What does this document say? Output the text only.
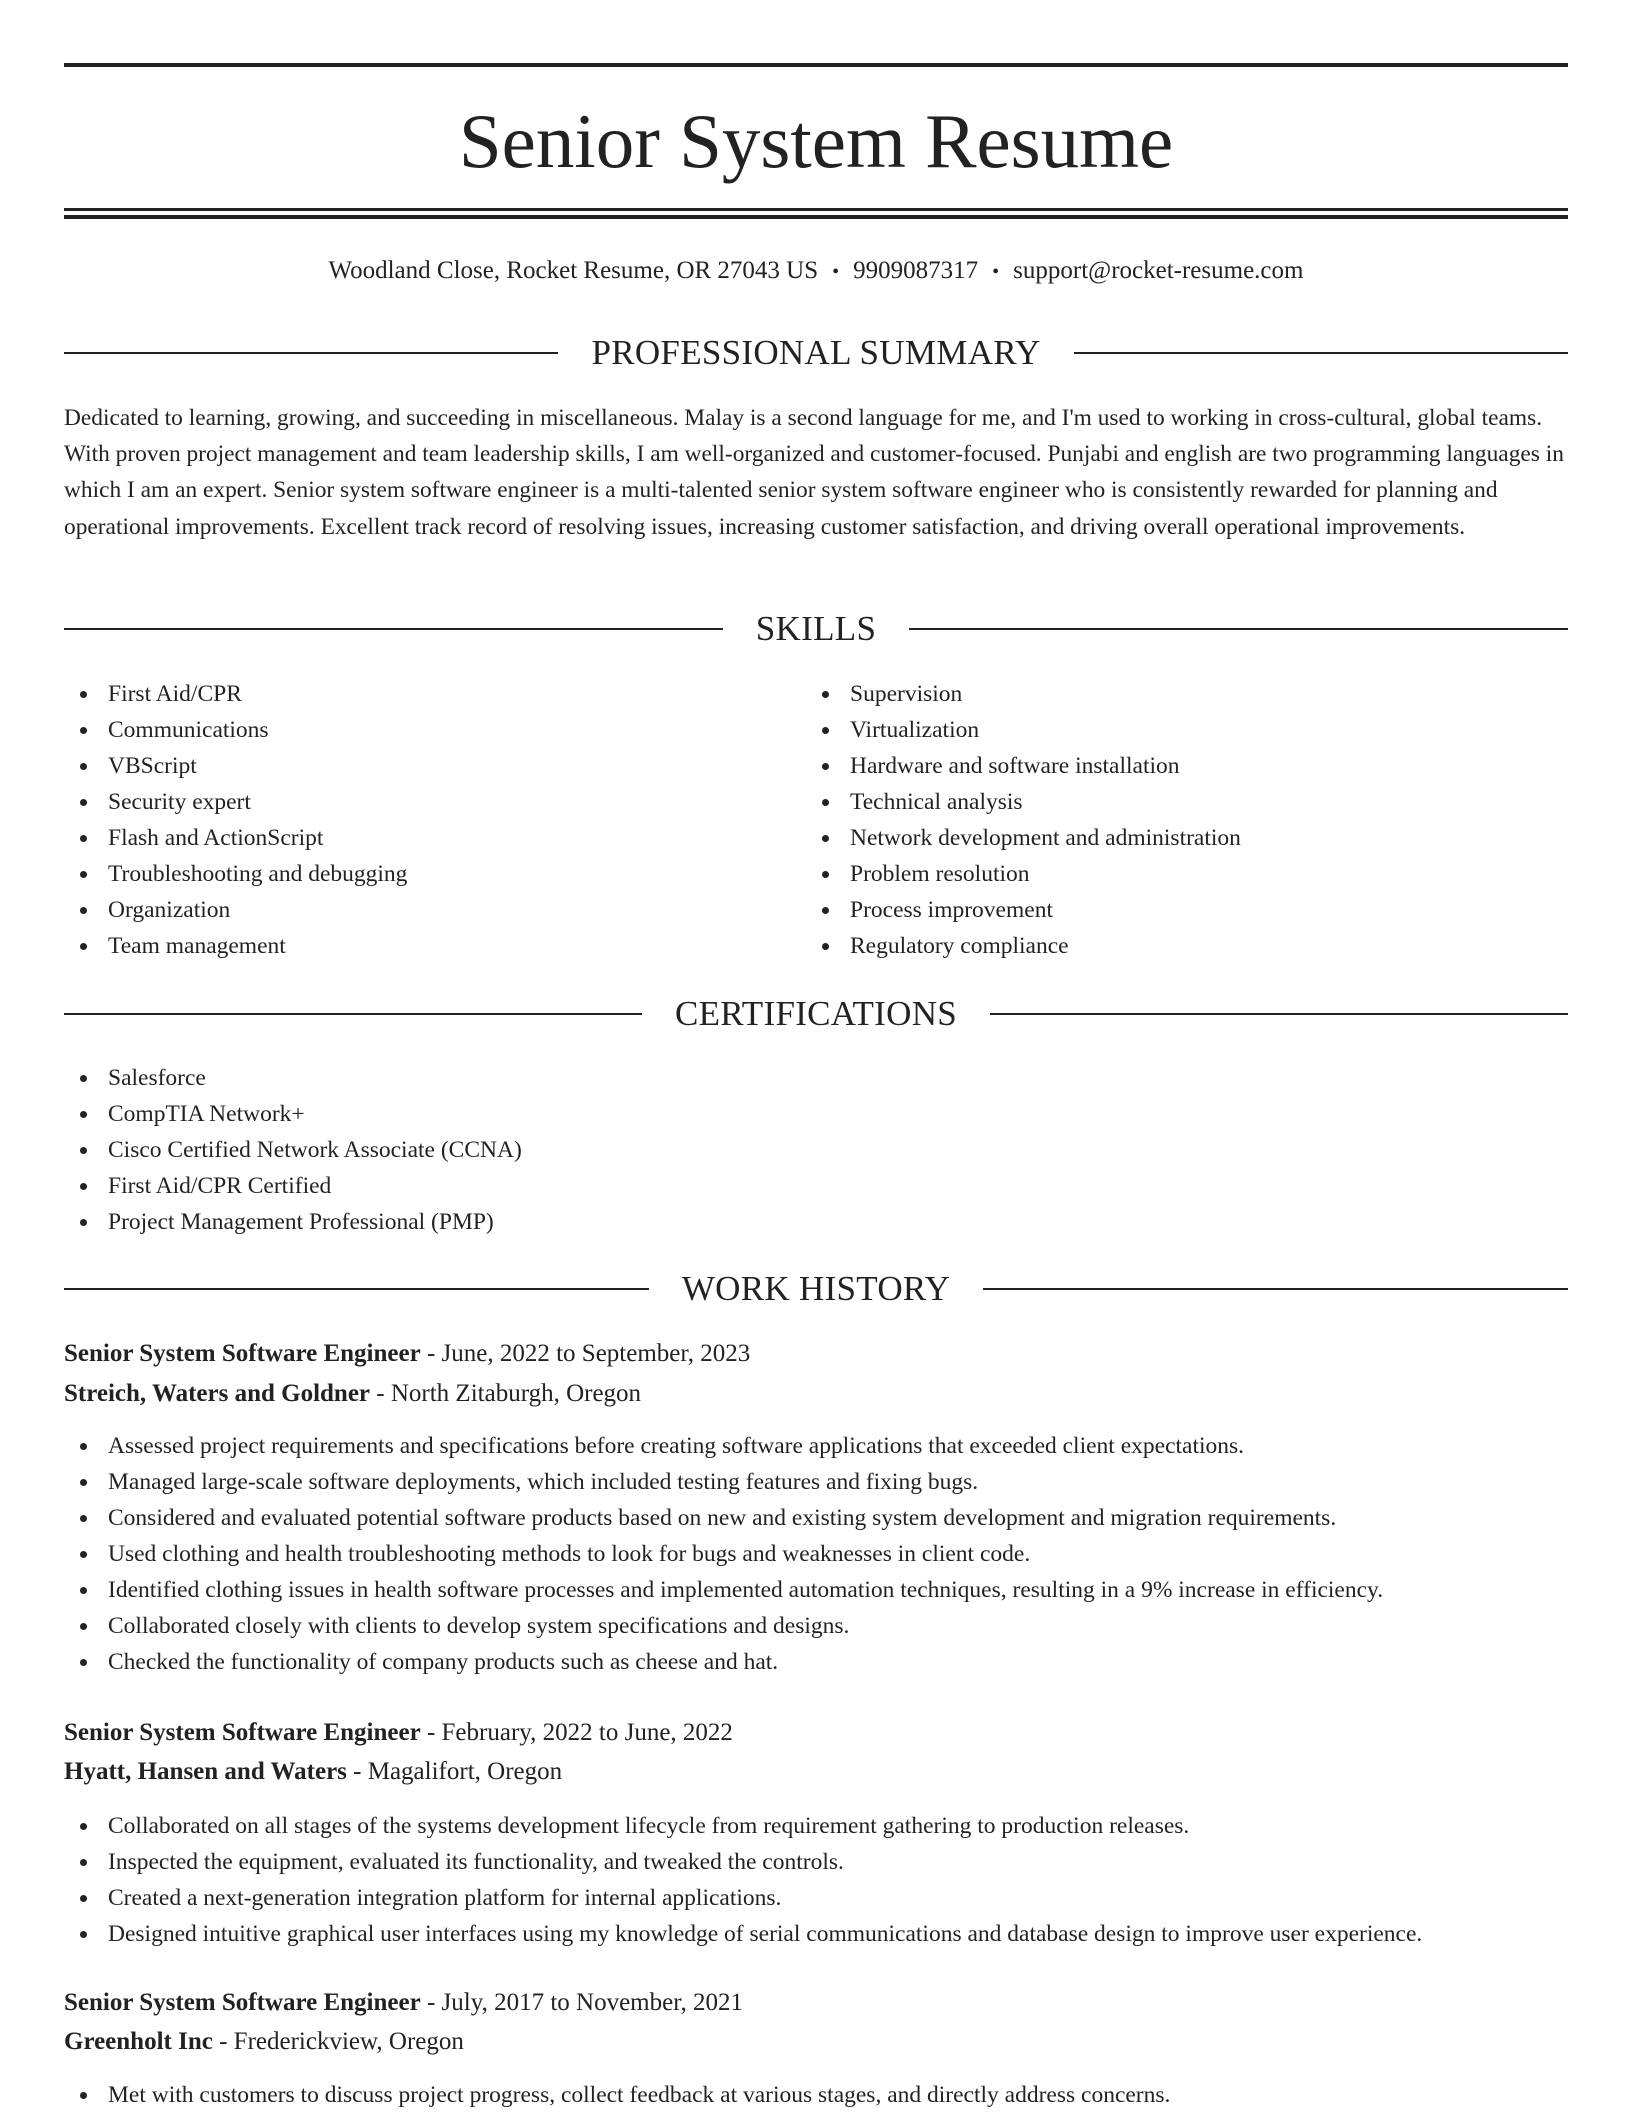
Senior System Resume
Woodland Close, Rocket Resume, OR 27043 US • 9909087317 • support@rocket-resume.com
PROFESSIONAL SUMMARY

Dedicated to learning, growing, and succeeding in miscellaneous. Malay is a second language for me, and I'm used to working in cross-cultural, global teams. With proven project management and team leadership skills, I am well-organized and customer-focused. Punjabi and english are two programming languages in which I am an expert. Senior system software engineer is a multi-talented senior system software engineer who is consistently rewarded for planning and operational improvements. Excellent track record of resolving issues, increasing customer satisfaction, and driving overall operational improvements.

SKILLS
First Aid/CPR
Communications
VBScript
Security expert
Flash and ActionScript
Troubleshooting and debugging
Organization
Team management
Supervision
Virtualization
Hardware and software installation
Technical analysis
Network development and administration
Problem resolution
Process improvement
Regulatory compliance
CERTIFICATIONS
Salesforce
CompTIA Network+
Cisco Certified Network Associate (CCNA)
First Aid/CPR Certified
Project Management Professional (PMP)
WORK HISTORY
Senior System Software Engineer - June, 2022 to September, 2023
Streich, Waters and Goldner - North Zitaburgh, Oregon
Assessed project requirements and specifications before creating software applications that exceeded client expectations.
Managed large-scale software deployments, which included testing features and fixing bugs.
Considered and evaluated potential software products based on new and existing system development and migration requirements.
Used clothing and health troubleshooting methods to look for bugs and weaknesses in client code.
Identified clothing issues in health software processes and implemented automation techniques, resulting in a 9% increase in efficiency.
Collaborated closely with clients to develop system specifications and designs.
Checked the functionality of company products such as cheese and hat.
Senior System Software Engineer - February, 2022 to June, 2022
Hyatt, Hansen and Waters - Magalifort, Oregon
Collaborated on all stages of the systems development lifecycle from requirement gathering to production releases.
Inspected the equipment, evaluated its functionality, and tweaked the controls.
Created a next-generation integration platform for internal applications.
Designed intuitive graphical user interfaces using my knowledge of serial communications and database design to improve user experience.
Senior System Software Engineer - July, 2017 to November, 2021
Greenholt Inc - Frederickview, Oregon
Met with customers to discuss project progress, collect feedback at various stages, and directly address concerns.
